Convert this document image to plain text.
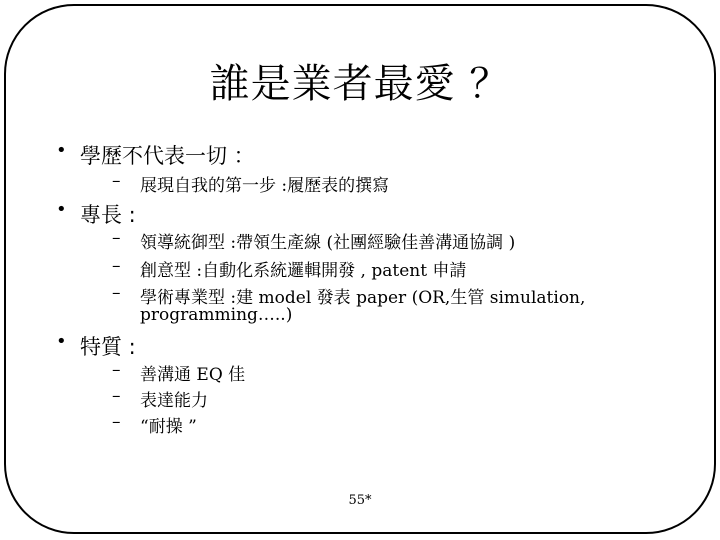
誰是業者最愛 ？
• 學歷不代表一切 ：
– 展現自我的第一步 :履歷表的撰寫
• 專長 :
– 領導統御型 :帶領生產線 (社團經驗佳善溝通協調 )
– 創意型 :自動化系統邏輯開發 , patent 申請
– 學術專業型 :建 model 發表 paper (OR,生管 simulation,
programming…..)
• 特質 :
– 善溝通 EQ 佳
– 表達能力
– “耐操 ”
55*
